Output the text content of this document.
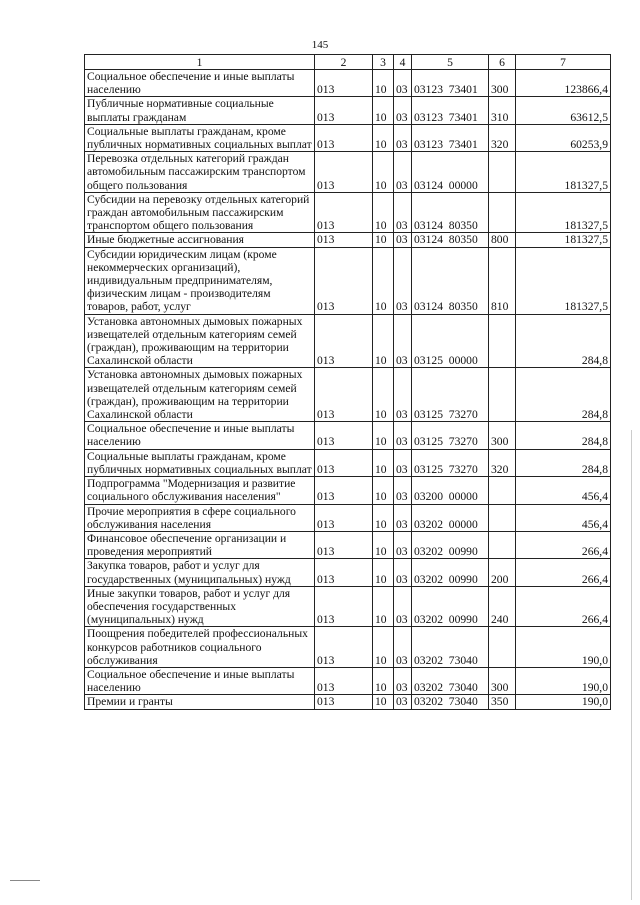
145
1	2	3	4	5	6	7
Социальное обеспечение и иные выплаты населению	013	10	03	03123  73401	300	123866,4
Публичные нормативные социальные выплаты гражданам	013	10	03	03123  73401	310	63612,5
Социальные выплаты гражданам, кроме публичных нормативных социальных выплат	013	10	03	03123  73401	320	60253,9
Перевозка отдельных категорий граждан автомобильным пассажирским транспортом общего пользования	013	10	03	03124  00000		181327,5
Субсидии на перевозку отдельных категорий граждан автомобильным пассажирским транспортом общего пользования	013	10	03	03124  80350		181327,5
Иные бюджетные ассигнования	013	10	03	03124  80350	800	181327,5
Субсидии юридическим лицам (кроме некоммерческих организаций), индивидуальным предпринимателям, физическим лицам - производителям товаров, работ, услуг	013	10	03	03124  80350	810	181327,5
Установка автономных дымовых пожарных извещателей отдельным категориям семей (граждан), проживающим на территории Сахалинской области	013	10	03	03125  00000		284,8
Установка автономных дымовых пожарных извещателей отдельным категориям семей (граждан), проживающим на территории Сахалинской области	013	10	03	03125  73270		284,8
Социальное обеспечение и иные выплаты населению	013	10	03	03125  73270	300	284,8
Социальные выплаты гражданам, кроме публичных нормативных социальных выплат	013	10	03	03125  73270	320	284,8
Подпрограмма "Модернизация и развитие социального обслуживания населения"	013	10	03	03200  00000		456,4
Прочие мероприятия в сфере социального обслуживания населения	013	10	03	03202  00000		456,4
Финансовое обеспечение организации и проведения мероприятий	013	10	03	03202  00990		266,4
Закупка товаров, работ и услуг для государственных (муниципальных) нужд	013	10	03	03202  00990	200	266,4
Иные закупки товаров, работ и услуг для обеспечения государственных (муниципальных) нужд	013	10	03	03202  00990	240	266,4
Поощрения победителей профессиональных конкурсов работников социального обслуживания	013	10	03	03202  73040		190,0
Социальное обеспечение и иные выплаты населению	013	10	03	03202  73040	300	190,0
Премии и гранты	013	10	03	03202  73040	350	190,0
